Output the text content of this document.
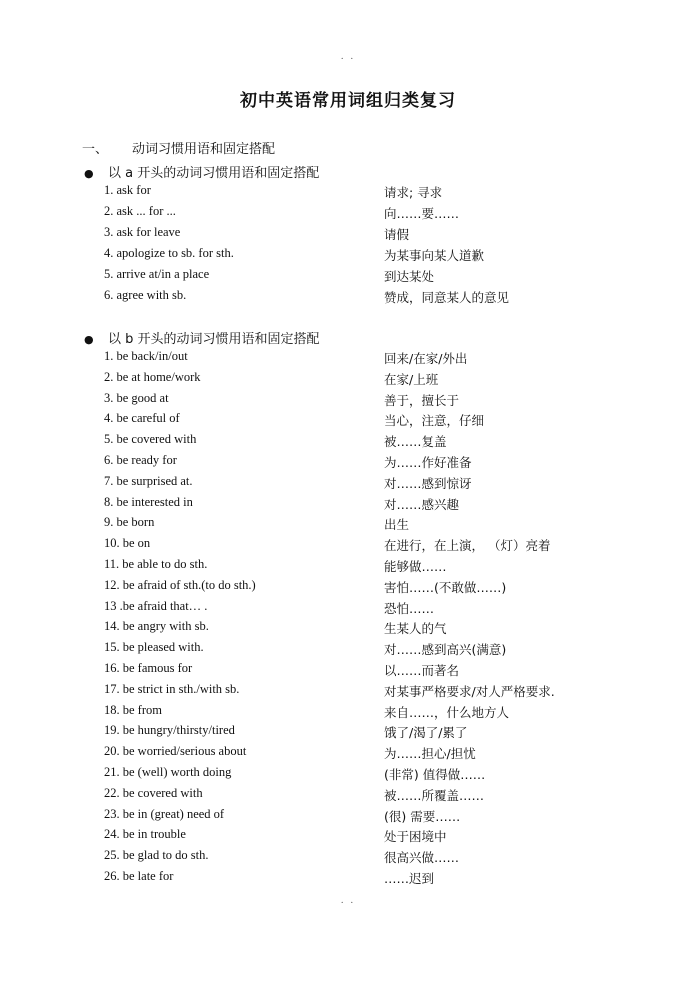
. .
初中英语常用词组归类复习
一、 动词习惯用语和固定搭配
● 以 a 开头的动词习惯用语和固定搭配
1. ask for	请求; 寻求
2. ask ... for ...	向……要……
3. ask for leave	请假
4. apologize to sb. for sth.	为某事向某人道歉
5. arrive at/in a place	到达某处
6. agree with sb.	赞成，同意某人的意见
● 以 b 开头的动词习惯用语和固定搭配
1. be back/in/out	回来/在家/外出
2. be at home/work	在家/上班
3. be good at	善于，擅长于
4. be careful of	当心，注意，仔细
5. be covered with	被……复盖
6. be ready for	为……作好准备
7. be surprised at.	对……感到惊讶
8. be interested in	对……感兴趣
9. be born	出生
10. be on	在进行，在上演， （灯）亮着
11. be able to do sth.	能够做……
12. be afraid of sth.(to do sth.)	害怕……(不敢做……)
13 .be afraid that… .	恐怕……
14. be angry with sb.	生某人的气
15. be pleased with.	对……感到高兴(满意)
16. be famous for	以……而著名
17. be strict in sth./with sb.	对某事严格要求/对人严格要求.
18. be from	来自……，什么地方人
19. be hungry/thirsty/tired	饿了/渴了/累了
20. be worried/serious about	为……担心/担忧
21. be (well) worth doing	(非常) 值得做……
22. be covered with	被……所覆盖……
23. be in (great) need of	(很) 需要……
24. be in trouble	处于困境中
25. be glad to do sth.	很高兴做……
26. be late for	……迟到
. .
